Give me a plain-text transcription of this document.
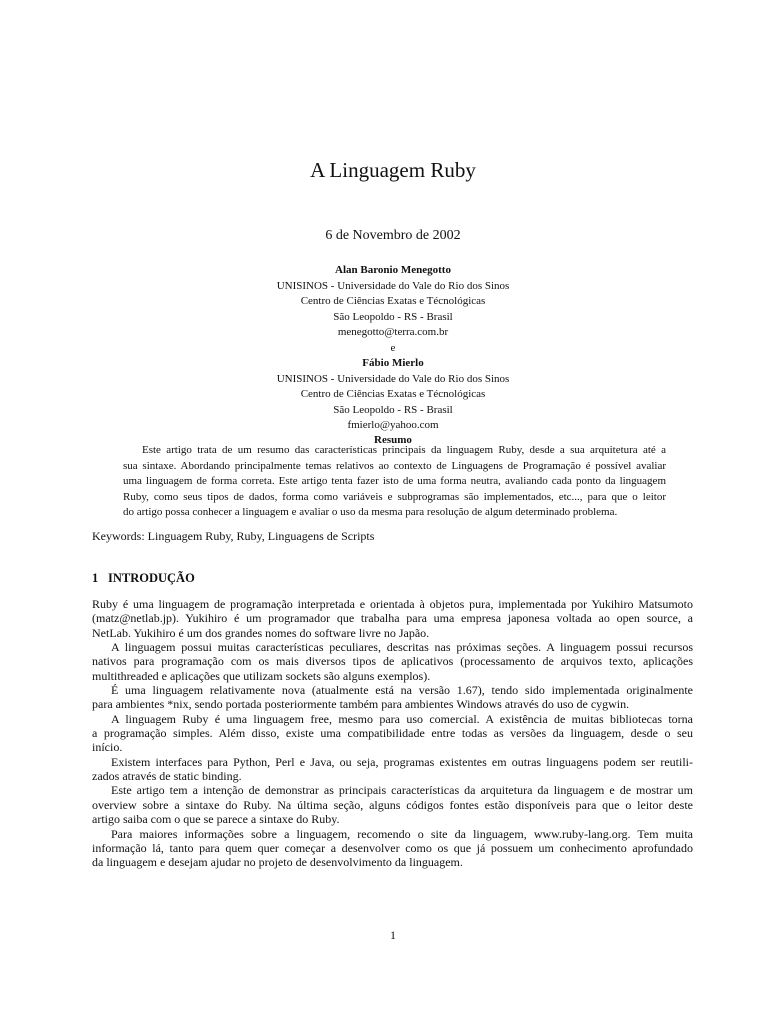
A Linguagem Ruby
6 de Novembro de 2002
Alan Baronio Menegotto
UNISINOS - Universidade do Vale do Rio dos Sinos
Centro de Ciências Exatas e Técnológicas
São Leopoldo - RS - Brasil
menegotto@terra.com.br
e
Fábio Mierlo
UNISINOS - Universidade do Vale do Rio dos Sinos
Centro de Ciências Exatas e Técnológicas
São Leopoldo - RS - Brasil
fmierlo@yahoo.com
Resumo
Este artigo trata de um resumo das características principais da linguagem Ruby, desde a sua arquitetura até a
sua sintaxe. Abordando principalmente temas relativos ao contexto de Linguagens de Programação é possível avaliar
uma linguagem de forma correta. Este artigo tenta fazer isto de uma forma neutra, avaliando cada ponto da linguagem
Ruby, como seus tipos de dados, forma como variáveis e subprogramas são implementados, etc..., para que o leitor
do artigo possa conhecer a linguagem e avaliar o uso da mesma para resolução de algum determinado problema.
Keywords: Linguagem Ruby, Ruby, Linguagens de Scripts
1 INTRODUÇÃO
Ruby é uma linguagem de programação interpretada e orientada à objetos pura, implementada por Yukihiro Matsumoto
(matz@netlab.jp). Yukihiro é um programador que trabalha para uma empresa japonesa voltada ao open source, a
NetLab. Yukihiro é um dos grandes nomes do software livre no Japão.
A linguagem possui muitas características peculiares, descritas nas próximas seções. A linguagem possui recursos
nativos para programação com os mais diversos tipos de aplicativos (processamento de arquivos texto, aplicações
multithreaded e aplicações que utilizam sockets são alguns exemplos).
É uma linguagem relativamente nova (atualmente está na versão 1.67), tendo sido implementada originalmente
para ambientes *nix, sendo portada posteriormente também para ambientes Windows através do uso de cygwin.
A linguagem Ruby é uma linguagem free, mesmo para uso comercial. A existência de muitas bibliotecas torna
a programação simples. Além disso, existe uma compatibilidade entre todas as versões da linguagem, desde o seu
início.
Existem interfaces para Python, Perl e Java, ou seja, programas existentes em outras linguagens podem ser reutili-
zados através de static binding.
Este artigo tem a intenção de demonstrar as principais características da arquitetura da linguagem e de mostrar um
overview sobre a sintaxe do Ruby. Na última seção, alguns códigos fontes estão disponíveis para que o leitor deste
artigo saiba com o que se parece a sintaxe do Ruby.
Para maiores informações sobre a linguagem, recomendo o site da linguagem, www.ruby-lang.org. Tem muita
informação lá, tanto para quem quer começar a desenvolver como os que já possuem um conhecimento aprofundado
da linguagem e desejam ajudar no projeto de desenvolvimento da linguagem.
1
